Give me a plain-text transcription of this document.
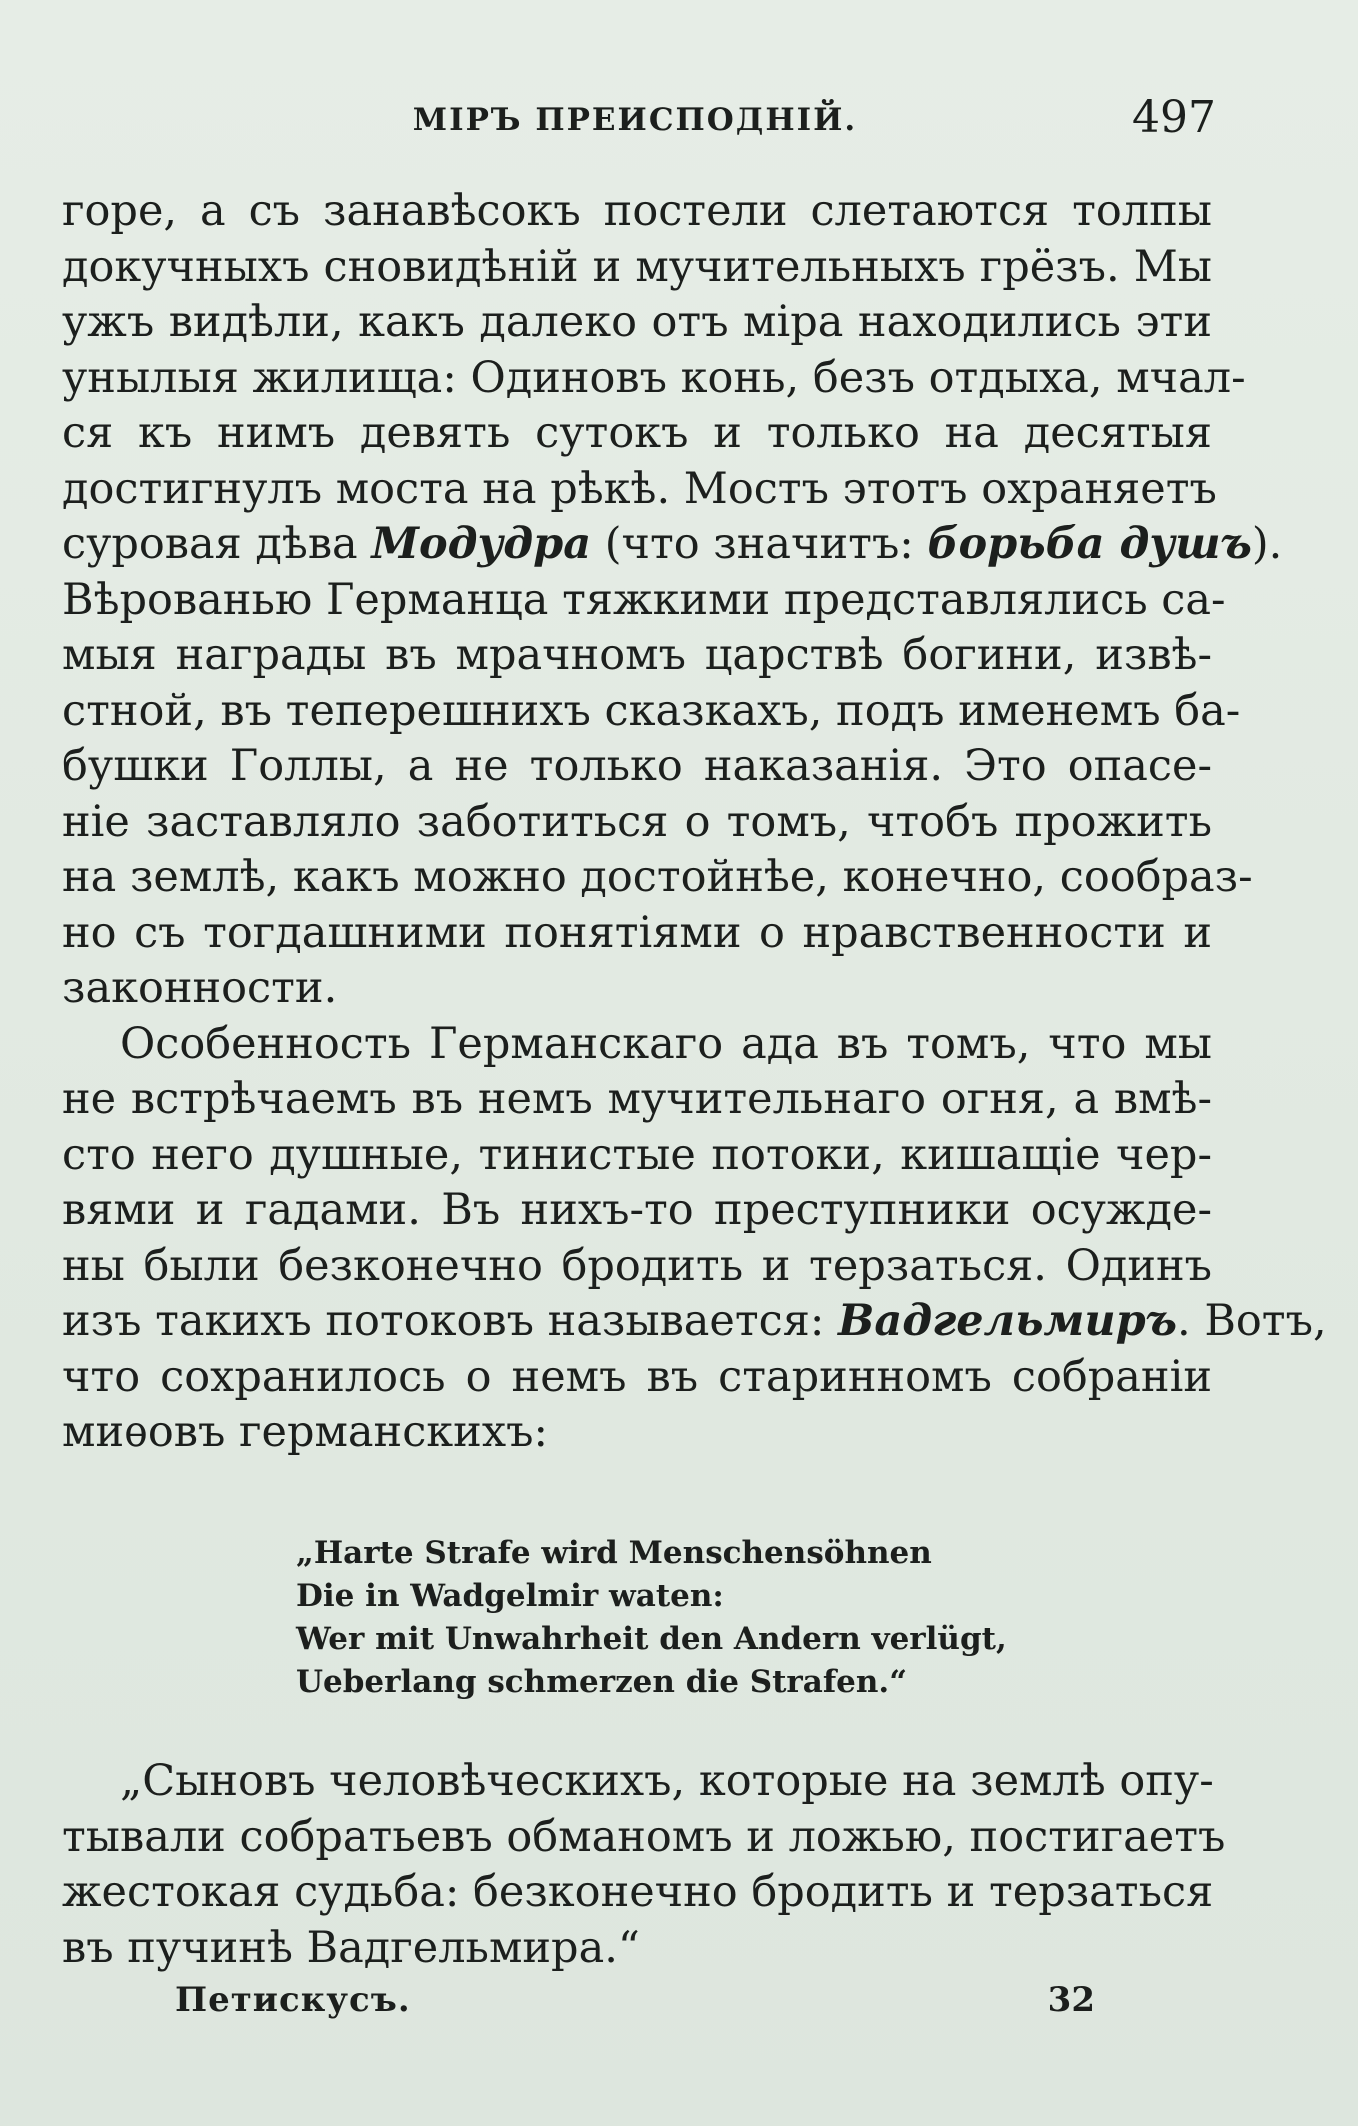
МІРЪ ПРЕИСПОДНІЙ.	497
горе, а съ занавѣсокъ постели слетаются толпы
докучныхъ сновидѣній и мучительныхъ грёзъ. Мы
ужъ видѣли, какъ далеко отъ міра находились эти
унылыя жилища: Одиновъ конь, безъ отдыха, мчал-
ся къ нимъ девять сутокъ и только на десятыя
достигнулъ моста на рѣкѣ. Мостъ этотъ охраняетъ
суровая дѣва Модудра (что значитъ: борьба душъ).
Вѣрованью Германца тяжкими представлялись са-
мыя награды въ мрачномъ царствѣ богини, извѣ-
стной, въ теперешнихъ сказкахъ, подъ именемъ ба-
бушки Голлы, а не только наказанія. Это опасе-
ніе заставляло заботиться о томъ, чтобъ прожить
на землѣ, какъ можно достойнѣе, конечно, сообраз-
но съ тогдашними понятіями о нравственности и
законности.
Особенность Германскаго ада въ томъ, что мы
не встрѣчаемъ въ немъ мучительнаго огня, а вмѣ-
сто него душные, тинистые потоки, кишащіе чер-
вями и гадами. Въ нихъ-то преступники осужде-
ны были безконечно бродить и терзаться. Одинъ
изъ такихъ потоковъ называется: Вадгельмиръ. Вотъ,
что сохранилось о немъ въ старинномъ собраніи
миѳовъ германскихъ:
„Harte Strafe wird Menschensöhnen
Die in Wadgelmir waten:
Wer mit Unwahrheit den Andern verlügt,
Ueberlang schmerzen die Strafen.“
„Сыновъ человѣческихъ, которые на землѣ опу-
тывали собратьевъ обманомъ и ложью, постигаетъ
жестокая судьба: безконечно бродить и терзаться
въ пучинѣ Вадгельмира.“
Петискусъ.	32
